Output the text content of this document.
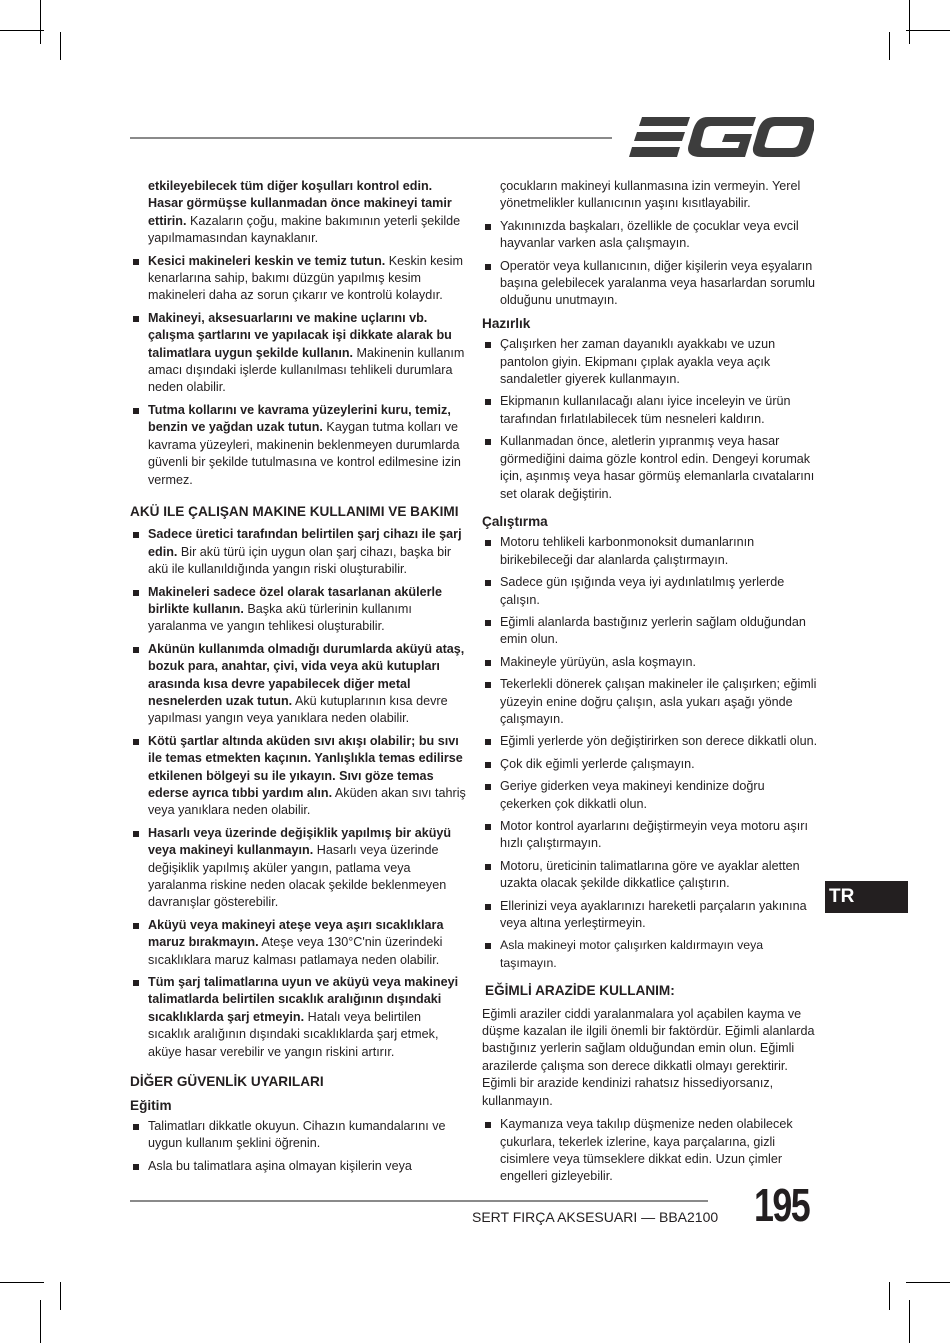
etkileyebilecek tüm diğer koşulları kontrol edin. Hasar görmüşse kullanmadan önce makineyi tamir ettirin. Kazaların çoğu, makine bakımının yeterli şekilde yapılmamasından kaynaklanır.
Kesici makineleri keskin ve temiz tutun. Keskin kesim kenarlarına sahip, bakımı düzgün yapılmış kesim makineleri daha az sorun çıkarır ve kontrolü kolaydır.
Makineyi, aksesuarlarını ve makine uçlarını vb. çalışma şartlarını ve yapılacak işi dikkate alarak bu talimatlara uygun şekilde kullanın. Makinenin kullanım amacı dışındaki işlerde kullanılması tehlikeli durumlara neden olabilir.
Tutma kollarını ve kavrama yüzeylerini kuru, temiz, benzin ve yağdan uzak tutun. Kaygan tutma kolları ve kavrama yüzeyleri, makinenin beklenmeyen durumlarda güvenli bir şekilde tutulmasına ve kontrol edilmesine izin vermez.
AKÜ ILE ÇALIŞAN MAKINE KULLANIMI VE BAKIMI
Sadece üretici tarafından belirtilen şarj cihazı ile şarj edin. Bir akü türü için uygun olan şarj cihazı, başka bir akü ile kullanıldığında yangın riski oluşturabilir.
Makineleri sadece özel olarak tasarlanan akülerle birlikte kullanın. Başka akü türlerinin kullanımı yaralanma ve yangın tehlikesi oluşturabilir.
Akünün kullanımda olmadığı durumlarda aküyü ataş, bozuk para, anahtar, çivi, vida veya akü kutupları arasında kısa devre yapabilecek diğer metal nesnelerden uzak tutun. Akü kutuplarının kısa devre yapılması yangın veya yanıklara neden olabilir.
Kötü şartlar altında aküden sıvı akışı olabilir; bu sıvı ile temas etmekten kaçının. Yanlışlıkla temas edilirse etkilenen bölgeyi su ile yıkayın. Sıvı göze temas ederse ayrıca tıbbi yardım alın. Aküden akan sıvı tahriş veya yanıklara neden olabilir.
Hasarlı veya üzerinde değişiklik yapılmış bir aküyü veya makineyi kullanmayın. Hasarlı veya üzerinde değişiklik yapılmış aküler yangın, patlama veya yaralanma riskine neden olacak şekilde beklenmeyen davranışlar gösterebilir.
Aküyü veya makineyi ateşe veya aşırı sıcaklıklara maruz bırakmayın. Ateşe veya 130°C'nin üzerindeki sıcaklıklara maruz kalması patlamaya neden olabilir.
Tüm şarj talimatlarına uyun ve aküyü veya makineyi talimatlarda belirtilen sıcaklık aralığının dışındaki sıcaklıklarda şarj etmeyin. Hatalı veya belirtilen sıcaklık aralığının dışındaki sıcaklıklarda şarj etmek, aküye hasar verebilir ve yangın riskini artırır.
DİĞER GÜVENLİK UYARILARI
Eğitim
Talimatları dikkatle okuyun. Cihazın kumandalarını ve uygun kullanım şeklini öğrenin.
Asla bu talimatlara aşina olmayan kişilerin veya
çocukların makineyi kullanmasına izin vermeyin. Yerel yönetmelikler kullanıcının yaşını kısıtlayabilir.
Yakınınızda başkaları, özellikle de çocuklar veya evcil hayvanlar varken asla çalışmayın.
Operatör veya kullanıcının, diğer kişilerin veya eşyaların başına gelebilecek yaralanma veya hasarlardan sorumlu olduğunu unutmayın.
Hazırlık
Çalışırken her zaman dayanıklı ayakkabı ve uzun pantolon giyin. Ekipmanı çıplak ayakla veya açık sandaletler giyerek kullanmayın.
Ekipmanın kullanılacağı alanı iyice inceleyin ve ürün tarafından fırlatılabilecek tüm nesneleri kaldırın.
Kullanmadan önce, aletlerin yıpranmış veya hasar görmediğini daima gözle kontrol edin. Dengeyi korumak için, aşınmış veya hasar görmüş elemanlarla cıvatalarını set olarak değiştirin.
Çalıştırma
Motoru tehlikeli karbonmonoksit dumanlarının birikebileceği dar alanlarda çalıştırmayın.
Sadece gün ışığında veya iyi aydınlatılmış yerlerde çalışın.
Eğimli alanlarda bastığınız yerlerin sağlam olduğundan emin olun.
Makineyle yürüyün, asla koşmayın.
Tekerlekli dönerek çalışan makineler ile çalışırken; eğimli yüzeyin enine doğru çalışın, asla yukarı aşağı yönde çalışmayın.
Eğimli yerlerde yön değiştirirken son derece dikkatli olun.
Çok dik eğimli yerlerde çalışmayın.
Geriye giderken veya makineyi kendinize doğru çekerken çok dikkatli olun.
Motor kontrol ayarlarını değiştirmeyin veya motoru aşırı hızlı çalıştırmayın.
Motoru, üreticinin talimatlarına göre ve ayaklar aletten uzakta olacak şekilde dikkatlice çalıştırın.
Ellerinizi veya ayaklarınızı hareketli parçaların yakınına veya altına yerleştirmeyin.
Asla makineyi motor çalışırken kaldırmayın veya taşımayın.
EĞİMLİ ARAZİDE KULLANIM:

Eğimli araziler ciddi yaralanmalara yol açabilen kayma ve düşme kazalan ile ilgili önemli bir faktördür. Eğimli alanlarda bastığınız yerlerin sağlam olduğundan emin olun. Eğimli arazilerde çalışma son derece dikkatli olmayı gerektirir. Eğimli bir arazide kendinizi rahatsız hissediyorsanız, kullanmayın.

Kaymanıza veya takılıp düşmenize neden olabilecek çukurlara, tekerlek izlerine, kaya parçalarına, gizli cisimlere veya tümseklere dikkat edin. Uzun çimler engelleri gizleyebilir.
TR
SERT FIRÇA AKSESUARI — BBA2100 195
